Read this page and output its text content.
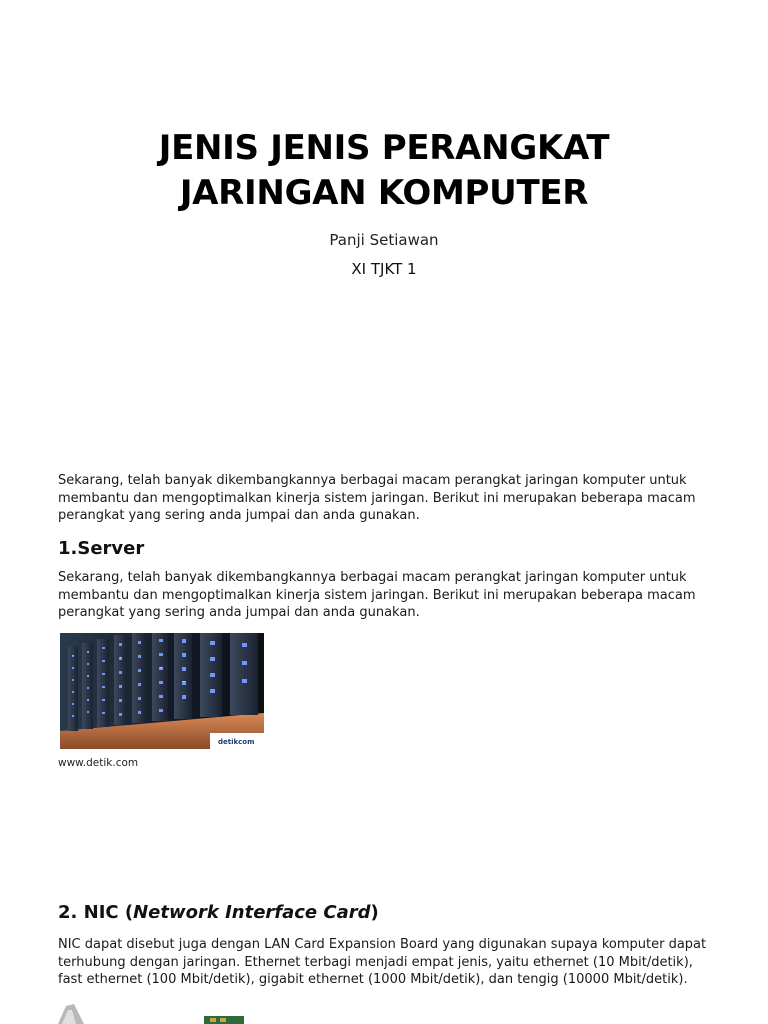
JENIS JENIS PERANGKAT
JARINGAN KOMPUTER
Panji Setiawan
XI TJKT 1
Sekarang, telah banyak dikembangkannya berbagai macam perangkat jaringan komputer untuk
membantu dan mengoptimalkan kinerja sistem jaringan. Berikut ini merupakan beberapa macam
perangkat yang sering anda jumpai dan anda gunakan.
1.Server
Sekarang, telah banyak dikembangkannya berbagai macam perangkat jaringan komputer untuk
membantu dan mengoptimalkan kinerja sistem jaringan. Berikut ini merupakan beberapa macam
perangkat yang sering anda jumpai dan anda gunakan.
detikcom
www.detik.com
2. NIC (Network Interface Card)
NIC dapat disebut juga dengan LAN Card Expansion Board yang digunakan supaya komputer dapat
terhubung dengan jaringan. Ethernet terbagi menjadi empat jenis, yaitu ethernet (10 Mbit/detik),
fast ethernet (100 Mbit/detik), gigabit ethernet (1000 Mbit/detik), dan tengig (10000 Mbit/detik).
